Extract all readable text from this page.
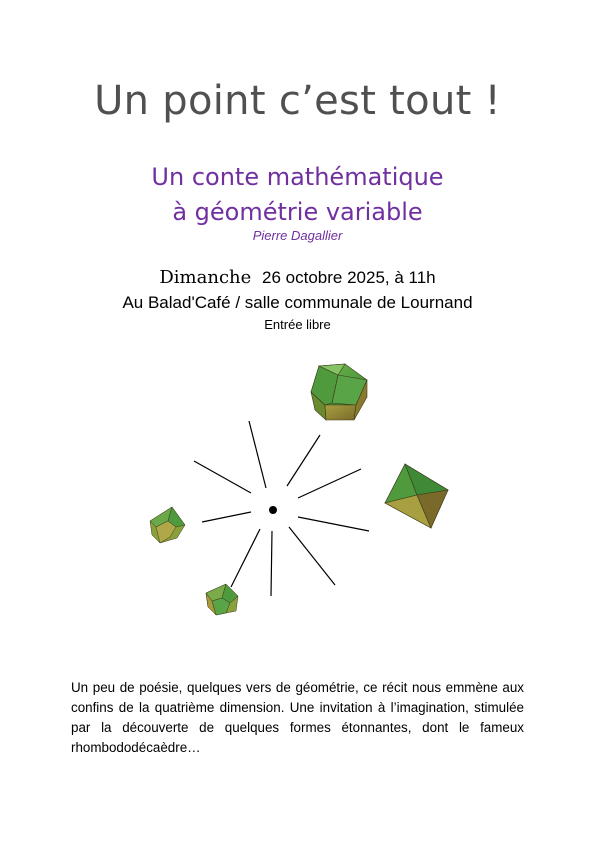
Un point c’est tout !
Un conte mathématique
à géométrie variable
Pierre Dagallier
Dimanche 26 octobre 2025, à 11h
Au Balad'Café / salle communale de Lournand
Entrée libre
Un peu de poésie, quelques vers de géométrie, ce récit nous emmène aux confins de la quatrième dimension. Une invitation à l’imagination, stimulée par la découverte de quelques formes étonnantes, dont le fameux rhombododécaèdre…
